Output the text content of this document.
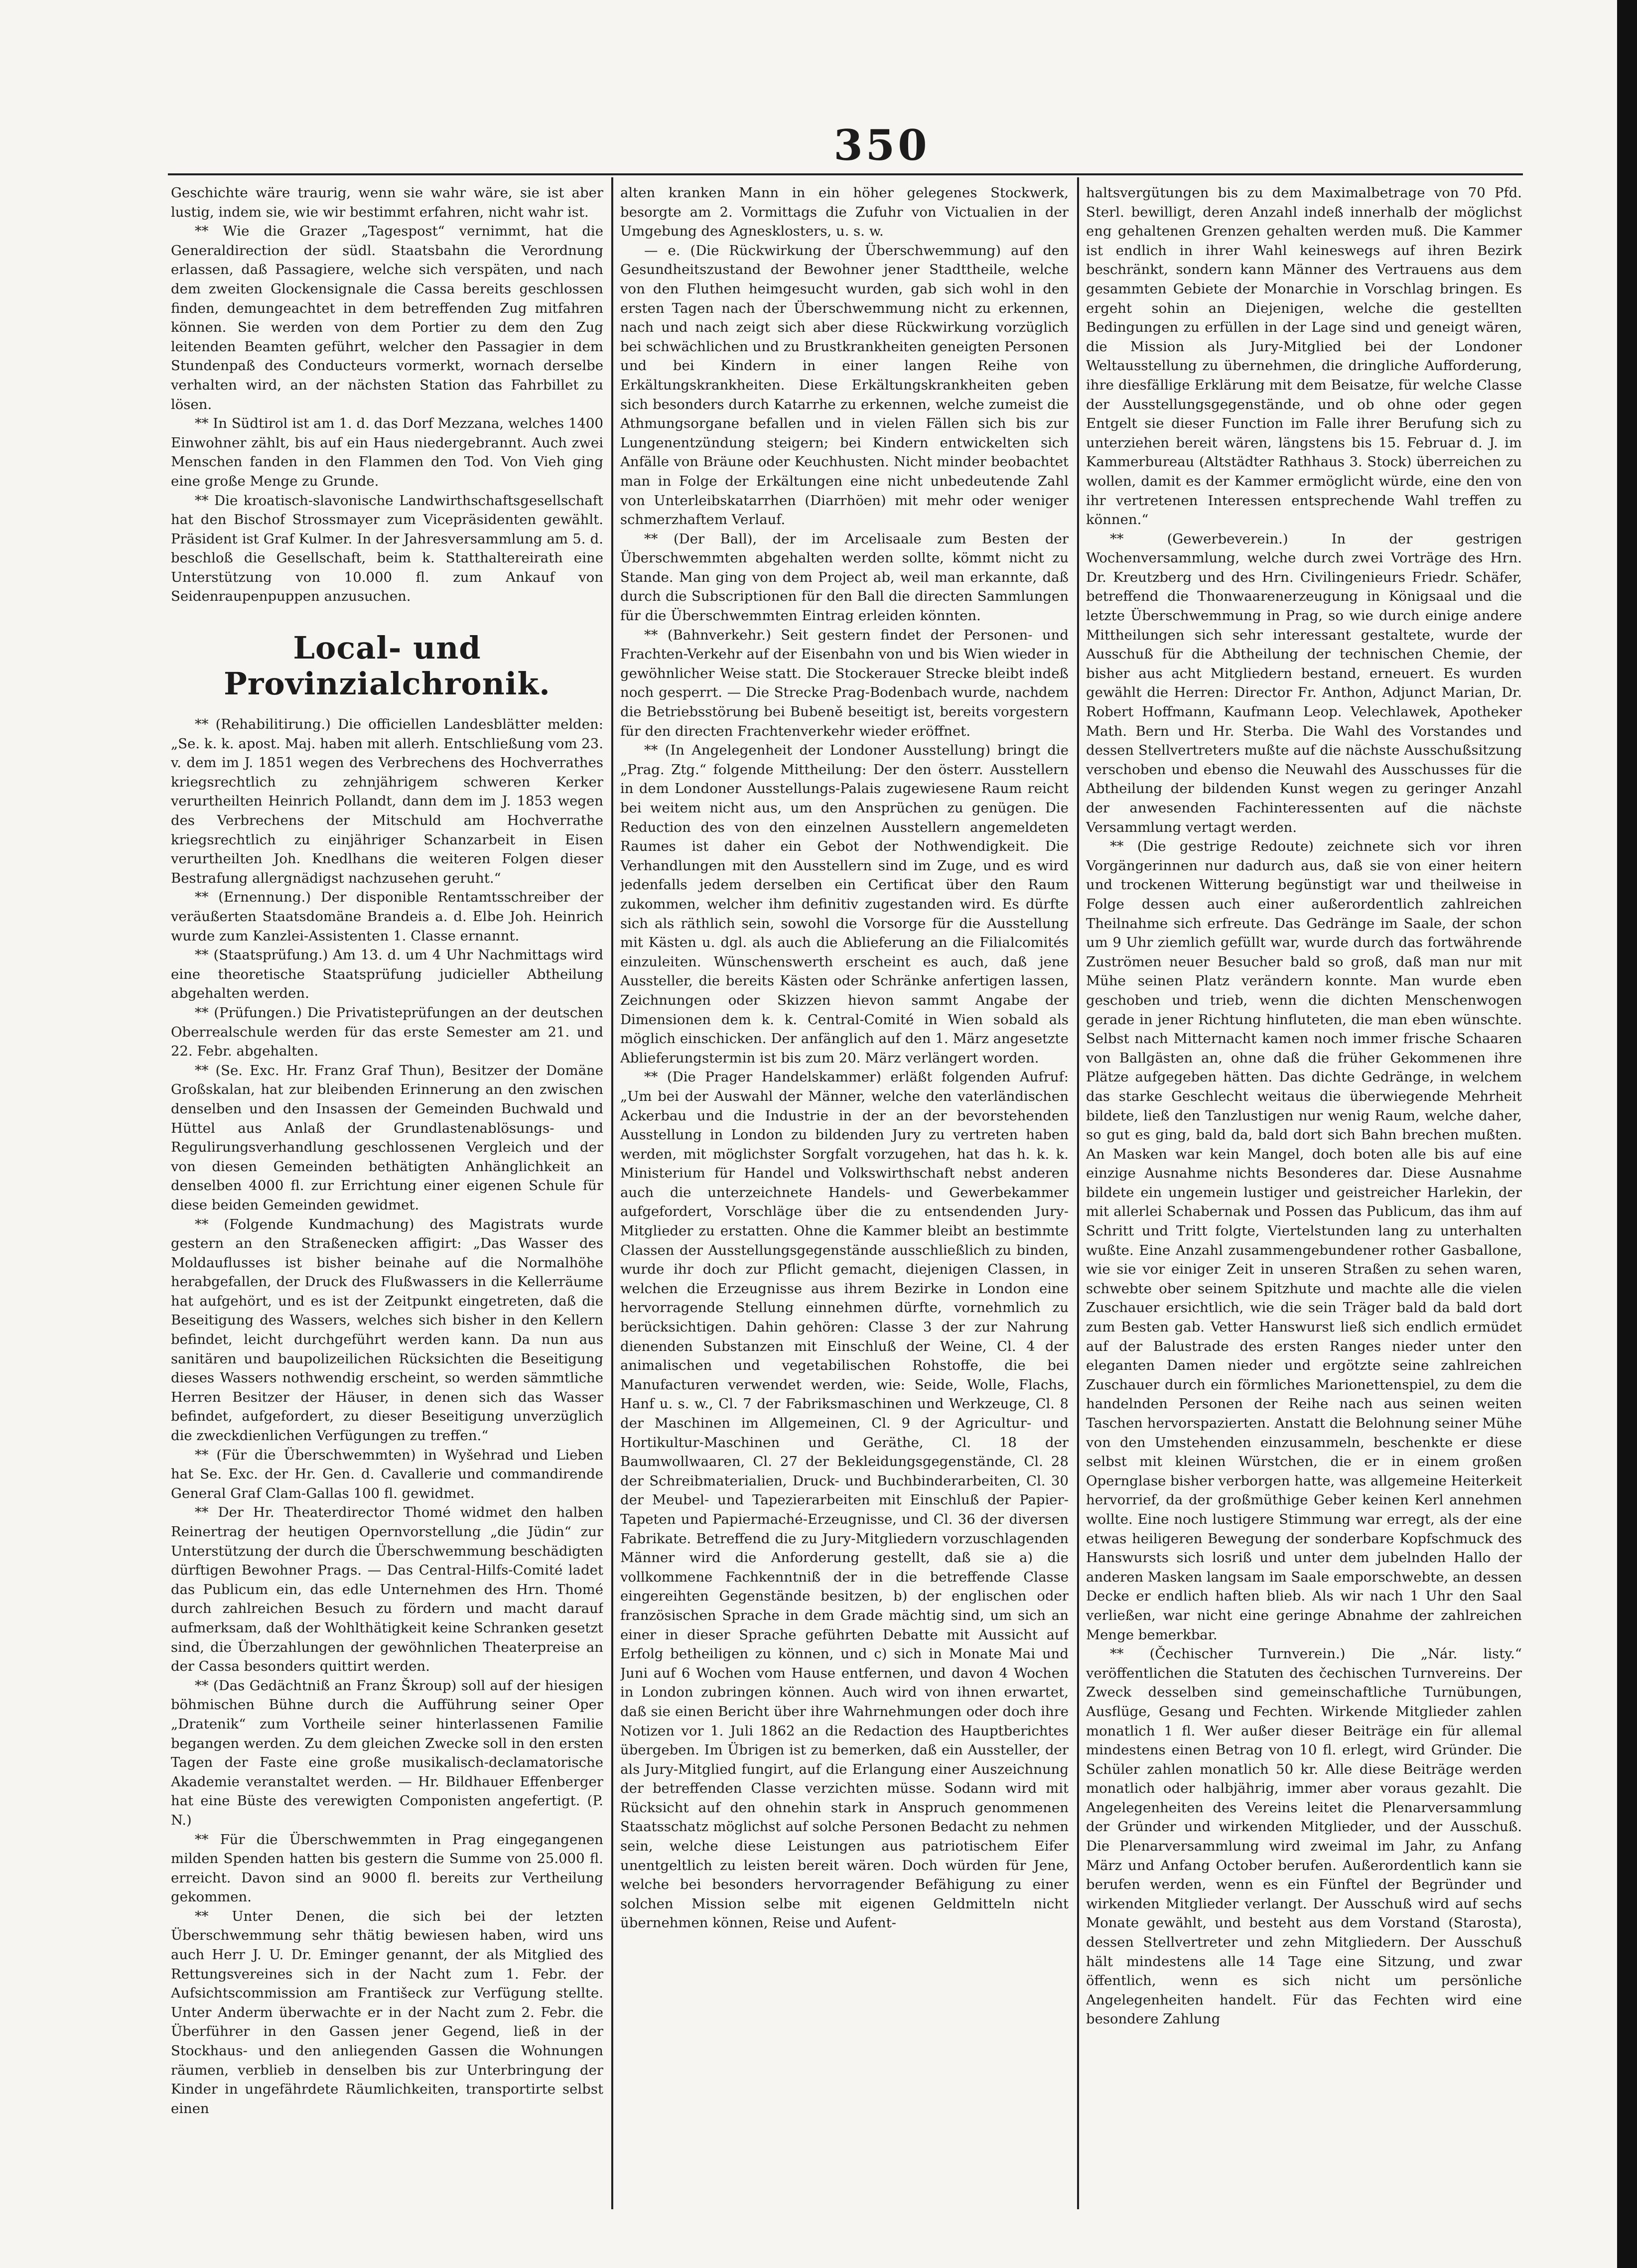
350

Geschichte wäre traurig, wenn sie wahr wäre, sie ist aber lustig, indem sie, wie wir bestimmt erfahren, nicht wahr ist.

** Wie die Grazer „Tagespost“ vernimmt, hat die Generaldirection der südl. Staatsbahn die Verordnung erlassen, daß Passagiere, welche sich verspäten, und nach dem zweiten Glockensignale die Cassa bereits geschlossen finden, demungeachtet in dem betreffenden Zug mitfahren können. Sie werden von dem Portier zu dem den Zug leitenden Beamten geführt, welcher den Passagier in dem Stundenpaß des Conducteurs vormerkt, wornach derselbe verhalten wird, an der nächsten Station das Fahrbillet zu lösen.

** In Südtirol ist am 1. d. das Dorf Mezzana, welches 1400 Einwohner zählt, bis auf ein Haus niedergebrannt. Auch zwei Menschen fanden in den Flammen den Tod. Von Vieh ging eine große Menge zu Grunde.

** Die kroatisch-slavonische Landwirthschaftsgesellschaft hat den Bischof Strossmayer zum Vicepräsidenten gewählt. Präsident ist Graf Kulmer. In der Jahresversammlung am 5. d. beschloß die Gesellschaft, beim k. Statthaltereirath eine Unterstützung von 10.000 fl. zum Ankauf von Seidenraupenpuppen anzusuchen.

Local- und Provinzialchronik.

** (Rehabilitirung.) Die officiellen Landesblätter melden: „Se. k. k. apost. Maj. haben mit allerh. Entschließung vom 23. v. dem im J. 1851 wegen des Verbrechens des Hochverrathes kriegsrechtlich zu zehnjährigem schweren Kerker verurtheilten Heinrich Pollandt, dann dem im J. 1853 wegen des Verbrechens der Mitschuld am Hochverrathe kriegsrechtlich zu einjähriger Schanzarbeit in Eisen verurtheilten Joh. Knedlhans die weiteren Folgen dieser Bestrafung allergnädigst nachzusehen geruht.“

** (Ernennung.) Der disponible Rentamtsschreiber der veräußerten Staatsdomäne Brandeis a. d. Elbe Joh. Heinrich wurde zum Kanzlei-Assistenten 1. Classe ernannt.

** (Staatsprüfung.) Am 13. d. um 4 Uhr Nachmittags wird eine theoretische Staatsprüfung judicieller Abtheilung abgehalten werden.

** (Prüfungen.) Die Privatisteprüfungen an der deutschen Oberrealschule werden für das erste Semester am 21. und 22. Febr. abgehalten.

** (Se. Exc. Hr. Franz Graf Thun), Besitzer der Domäne Großskalan, hat zur bleibenden Erinnerung an den zwischen denselben und den Insassen der Gemeinden Buchwald und Hüttel aus Anlaß der Grundlastenablösungs- und Regulirungsverhandlung geschlossenen Vergleich und der von diesen Gemeinden bethätigten Anhänglichkeit an denselben 4000 fl. zur Errichtung einer eigenen Schule für diese beiden Gemeinden gewidmet.

** (Folgende Kundmachung) des Magistrats wurde gestern an den Straßenecken affigirt: „Das Wasser des Moldauflusses ist bisher beinahe auf die Normalhöhe herabgefallen, der Druck des Flußwassers in die Kellerräume hat aufgehört, und es ist der Zeitpunkt eingetreten, daß die Beseitigung des Wassers, welches sich bisher in den Kellern befindet, leicht durchgeführt werden kann. Da nun aus sanitären und baupolizeilichen Rücksichten die Beseitigung dieses Wassers nothwendig erscheint, so werden sämmtliche Herren Besitzer der Häuser, in denen sich das Wasser befindet, aufgefordert, zu dieser Beseitigung unverzüglich die zweckdienlichen Verfügungen zu treffen.“

** (Für die Überschwemmten) in Wyšehrad und Lieben hat Se. Exc. der Hr. Gen. d. Cavallerie und commandirende General Graf Clam-Gallas 100 fl. gewidmet.

** Der Hr. Theaterdirector Thomé widmet den halben Reinertrag der heutigen Opernvorstellung „die Jüdin“ zur Unterstützung der durch die Überschwemmung beschädigten dürftigen Bewohner Prags. — Das Central-Hilfs-Comité ladet das Publicum ein, das edle Unternehmen des Hrn. Thomé durch zahlreichen Besuch zu fördern und macht darauf aufmerksam, daß der Wohlthätigkeit keine Schranken gesetzt sind, die Überzahlungen der gewöhnlichen Theaterpreise an der Cassa besonders quittirt werden.

** (Das Gedächtniß an Franz Škroup) soll auf der hiesigen böhmischen Bühne durch die Aufführung seiner Oper „Dratenik“ zum Vortheile seiner hinterlassenen Familie begangen werden. Zu dem gleichen Zwecke soll in den ersten Tagen der Faste eine große musikalisch-declamatorische Akademie veranstaltet werden. — Hr. Bildhauer Effenberger hat eine Büste des verewigten Componisten angefertigt. (P. N.)

** Für die Überschwemmten in Prag eingegangenen milden Spenden hatten bis gestern die Summe von 25.000 fl. erreicht. Davon sind an 9000 fl. bereits zur Vertheilung gekommen.

** Unter Denen, die sich bei der letzten Überschwemmung sehr thätig bewiesen haben, wird uns auch Herr J. U. Dr. Eminger genannt, der als Mitglied des Rettungsvereines sich in der Nacht zum 1. Febr. der Aufsichtscommission am Františeck zur Verfügung stellte. Unter Anderm überwachte er in der Nacht zum 2. Febr. die Überführer in den Gassen jener Gegend, ließ in der Stockhaus- und den anliegenden Gassen die Wohnungen räumen, verblieb in denselben bis zur Unterbringung der Kinder in ungefährdete Räumlichkeiten, transportirte selbst einen

alten kranken Mann in ein höher gelegenes Stockwerk, besorgte am 2. Vormittags die Zufuhr von Victualien in der Umgebung des Agnesklosters, u. s. w.

— e. (Die Rückwirkung der Überschwemmung) auf den Gesundheitszustand der Bewohner jener Stadttheile, welche von den Fluthen heimgesucht wurden, gab sich wohl in den ersten Tagen nach der Überschwemmung nicht zu erkennen, nach und nach zeigt sich aber diese Rückwirkung vorzüglich bei schwächlichen und zu Brustkrankheiten geneigten Personen und bei Kindern in einer langen Reihe von Erkältungskrankheiten. Diese Erkältungskrankheiten geben sich besonders durch Katarrhe zu erkennen, welche zumeist die Athmungsorgane befallen und in vielen Fällen sich bis zur Lungenentzündung steigern; bei Kindern entwickelten sich Anfälle von Bräune oder Keuchhusten. Nicht minder beobachtet man in Folge der Erkältungen eine nicht unbedeutende Zahl von Unterleibskatarrhen (Diarrhöen) mit mehr oder weniger schmerzhaftem Verlauf.

** (Der Ball), der im Arcelisaale zum Besten der Überschwemmten abgehalten werden sollte, kömmt nicht zu Stande. Man ging von dem Project ab, weil man erkannte, daß durch die Subscriptionen für den Ball die directen Sammlungen für die Überschwemmten Eintrag erleiden könnten.

** (Bahnverkehr.) Seit gestern findet der Personen- und Frachten-Verkehr auf der Eisenbahn von und bis Wien wieder in gewöhnlicher Weise statt. Die Stockerauer Strecke bleibt indeß noch gesperrt. — Die Strecke Prag-Bodenbach wurde, nachdem die Betriebsstörung bei Bubeně beseitigt ist, bereits vorgestern für den directen Frachtenverkehr wieder eröffnet.

** (In Angelegenheit der Londoner Ausstellung) bringt die „Prag. Ztg.“ folgende Mittheilung: Der den österr. Ausstellern in dem Londoner Ausstellungs-Palais zugewiesene Raum reicht bei weitem nicht aus, um den Ansprüchen zu genügen. Die Reduction des von den einzelnen Ausstellern angemeldeten Raumes ist daher ein Gebot der Nothwendigkeit. Die Verhandlungen mit den Ausstellern sind im Zuge, und es wird jedenfalls jedem derselben ein Certificat über den Raum zukommen, welcher ihm definitiv zugestanden wird. Es dürfte sich als räthlich sein, sowohl die Vorsorge für die Ausstellung mit Kästen u. dgl. als auch die Ablieferung an die Filialcomités einzuleiten. Wünschenswerth erscheint es auch, daß jene Aussteller, die bereits Kästen oder Schränke anfertigen lassen, Zeichnungen oder Skizzen hievon sammt Angabe der Dimensionen dem k. k. Central-Comité in Wien sobald als möglich einschicken. Der anfänglich auf den 1. März angesetzte Ablieferungstermin ist bis zum 20. März verlängert worden.

** (Die Prager Handelskammer) erläßt folgenden Aufruf: „Um bei der Auswahl der Männer, welche den vaterländischen Ackerbau und die Industrie in der an der bevorstehenden Ausstellung in London zu bildenden Jury zu vertreten haben werden, mit möglichster Sorgfalt vorzugehen, hat das h. k. k. Ministerium für Handel und Volkswirthschaft nebst anderen auch die unterzeichnete Handels- und Gewerbekammer aufgefordert, Vorschläge über die zu entsendenden Jury-Mitglieder zu erstatten. Ohne die Kammer bleibt an bestimmte Classen der Ausstellungsgegenstände ausschließlich zu binden, wurde ihr doch zur Pflicht gemacht, diejenigen Classen, in welchen die Erzeugnisse aus ihrem Bezirke in London eine hervorragende Stellung einnehmen dürfte, vornehmlich zu berücksichtigen. Dahin gehören: Classe 3 der zur Nahrung dienenden Substanzen mit Einschluß der Weine, Cl. 4 der animalischen und vegetabilischen Rohstoffe, die bei Manufacturen verwendet werden, wie: Seide, Wolle, Flachs, Hanf u. s. w., Cl. 7 der Fabriksmaschinen und Werkzeuge, Cl. 8 der Maschinen im Allgemeinen, Cl. 9 der Agricultur- und Hortikultur-Maschinen und Geräthe, Cl. 18 der Baumwollwaaren, Cl. 27 der Bekleidungsgegenstände, Cl. 28 der Schreibmaterialien, Druck- und Buchbinderarbeiten, Cl. 30 der Meubel- und Tapezierarbeiten mit Einschluß der Papier-Tapeten und Papiermaché-Erzeugnisse, und Cl. 36 der diversen Fabrikate. Betreffend die zu Jury-Mitgliedern vorzuschlagenden Männer wird die Anforderung gestellt, daß sie a) die vollkommene Fachkenntniß der in die betreffende Classe eingereihten Gegenstände besitzen, b) der englischen oder französischen Sprache in dem Grade mächtig sind, um sich an einer in dieser Sprache geführten Debatte mit Aussicht auf Erfolg betheiligen zu können, und c) sich in Monate Mai und Juni auf 6 Wochen vom Hause entfernen, und davon 4 Wochen in London zubringen können. Auch wird von ihnen erwartet, daß sie einen Bericht über ihre Wahrnehmungen oder doch ihre Notizen vor 1. Juli 1862 an die Redaction des Hauptberichtes übergeben. Im Übrigen ist zu bemerken, daß ein Aussteller, der als Jury-Mitglied fungirt, auf die Erlangung einer Auszeichnung der betreffenden Classe verzichten müsse. Sodann wird mit Rücksicht auf den ohnehin stark in Anspruch genommenen Staatsschatz möglichst auf solche Personen Bedacht zu nehmen sein, welche diese Leistungen aus patriotischem Eifer unentgeltlich zu leisten bereit wären. Doch würden für Jene, welche bei besonders hervorragender Befähigung zu einer solchen Mission selbe mit eigenen Geldmitteln nicht übernehmen können, Reise und Aufent-

haltsvergütungen bis zu dem Maximalbetrage von 70 Pfd. Sterl. bewilligt, deren Anzahl indeß innerhalb der möglichst eng gehaltenen Grenzen gehalten werden muß. Die Kammer ist endlich in ihrer Wahl keineswegs auf ihren Bezirk beschränkt, sondern kann Männer des Vertrauens aus dem gesammten Gebiete der Monarchie in Vorschlag bringen. Es ergeht sohin an Diejenigen, welche die gestellten Bedingungen zu erfüllen in der Lage sind und geneigt wären, die Mission als Jury-Mitglied bei der Londoner Weltausstellung zu übernehmen, die dringliche Aufforderung, ihre diesfällige Erklärung mit dem Beisatze, für welche Classe der Ausstellungsgegenstände, und ob ohne oder gegen Entgelt sie dieser Function im Falle ihrer Berufung sich zu unterziehen bereit wären, längstens bis 15. Februar d. J. im Kammerbureau (Altstädter Rathhaus 3. Stock) überreichen zu wollen, damit es der Kammer ermöglicht würde, eine den von ihr vertretenen Interessen entsprechende Wahl treffen zu können.“

** (Gewerbeverein.) In der gestrigen Wochenversammlung, welche durch zwei Vorträge des Hrn. Dr. Kreutzberg und des Hrn. Civilingenieurs Friedr. Schäfer, betreffend die Thonwaarenerzeugung in Königsaal und die letzte Überschwemmung in Prag, so wie durch einige andere Mittheilungen sich sehr interessant gestaltete, wurde der Ausschuß für die Abtheilung der technischen Chemie, der bisher aus acht Mitgliedern bestand, erneuert. Es wurden gewählt die Herren: Director Fr. Anthon, Adjunct Marian, Dr. Robert Hoffmann, Kaufmann Leop. Velechlawek, Apotheker Math. Bern und Hr. Sterba. Die Wahl des Vorstandes und dessen Stellvertreters mußte auf die nächste Ausschußsitzung verschoben und ebenso die Neuwahl des Ausschusses für die Abtheilung der bildenden Kunst wegen zu geringer Anzahl der anwesenden Fachinteressenten auf die nächste Versammlung vertagt werden.

** (Die gestrige Redoute) zeichnete sich vor ihren Vorgängerinnen nur dadurch aus, daß sie von einer heitern und trockenen Witterung begünstigt war und theilweise in Folge dessen auch einer außerordentlich zahlreichen Theilnahme sich erfreute. Das Gedränge im Saale, der schon um 9 Uhr ziemlich gefüllt war, wurde durch das fortwährende Zuströmen neuer Besucher bald so groß, daß man nur mit Mühe seinen Platz verändern konnte. Man wurde eben geschoben und trieb, wenn die dichten Menschenwogen gerade in jener Richtung hinfluteten, die man eben wünschte. Selbst nach Mitternacht kamen noch immer frische Schaaren von Ballgästen an, ohne daß die früher Gekommenen ihre Plätze aufgegeben hätten. Das dichte Gedränge, in welchem das starke Geschlecht weitaus die überwiegende Mehrheit bildete, ließ den Tanzlustigen nur wenig Raum, welche daher, so gut es ging, bald da, bald dort sich Bahn brechen mußten. An Masken war kein Mangel, doch boten alle bis auf eine einzige Ausnahme nichts Besonderes dar. Diese Ausnahme bildete ein ungemein lustiger und geistreicher Harlekin, der mit allerlei Schabernak und Possen das Publicum, das ihm auf Schritt und Tritt folgte, Viertelstunden lang zu unterhalten wußte. Eine Anzahl zusammengebundener rother Gasballone, wie sie vor einiger Zeit in unseren Straßen zu sehen waren, schwebte ober seinem Spitzhute und machte alle die vielen Zuschauer ersichtlich, wie die sein Träger bald da bald dort zum Besten gab. Vetter Hanswurst ließ sich endlich ermüdet auf der Balustrade des ersten Ranges nieder unter den eleganten Damen nieder und ergötzte seine zahlreichen Zuschauer durch ein förmliches Marionettenspiel, zu dem die handelnden Personen der Reihe nach aus seinen weiten Taschen hervorspazierten. Anstatt die Belohnung seiner Mühe von den Umstehenden einzusammeln, beschenkte er diese selbst mit kleinen Würstchen, die er in einem großen Opernglase bisher verborgen hatte, was allgemeine Heiterkeit hervorrief, da der großmüthige Geber keinen Kerl annehmen wollte. Eine noch lustigere Stimmung war erregt, als der eine etwas heiligeren Bewegung der sonderbare Kopfschmuck des Hanswursts sich losriß und unter dem jubelnden Hallo der anderen Masken langsam im Saale emporschwebte, an dessen Decke er endlich haften blieb. Als wir nach 1 Uhr den Saal verließen, war nicht eine geringe Abnahme der zahlreichen Menge bemerkbar.

** (Čechischer Turnverein.) Die „Nár. listy.“ veröffentlichen die Statuten des čechischen Turnvereins. Der Zweck desselben sind gemeinschaftliche Turnübungen, Ausflüge, Gesang und Fechten. Wirkende Mitglieder zahlen monatlich 1 fl. Wer außer dieser Beiträge ein für allemal mindestens einen Betrag von 10 fl. erlegt, wird Gründer. Die Schüler zahlen monatlich 50 kr. Alle diese Beiträge werden monatlich oder halbjährig, immer aber voraus gezahlt. Die Angelegenheiten des Vereins leitet die Plenarversammlung der Gründer und wirkenden Mitglieder, und der Ausschuß. Die Plenarversammlung wird zweimal im Jahr, zu Anfang März und Anfang October berufen. Außerordentlich kann sie berufen werden, wenn es ein Fünftel der Begründer und wirkenden Mitglieder verlangt. Der Ausschuß wird auf sechs Monate gewählt, und besteht aus dem Vorstand (Starosta), dessen Stellvertreter und zehn Mitgliedern. Der Ausschuß hält mindestens alle 14 Tage eine Sitzung, und zwar öffentlich, wenn es sich nicht um persönliche Angelegenheiten handelt. Für das Fechten wird eine besondere Zahlung
